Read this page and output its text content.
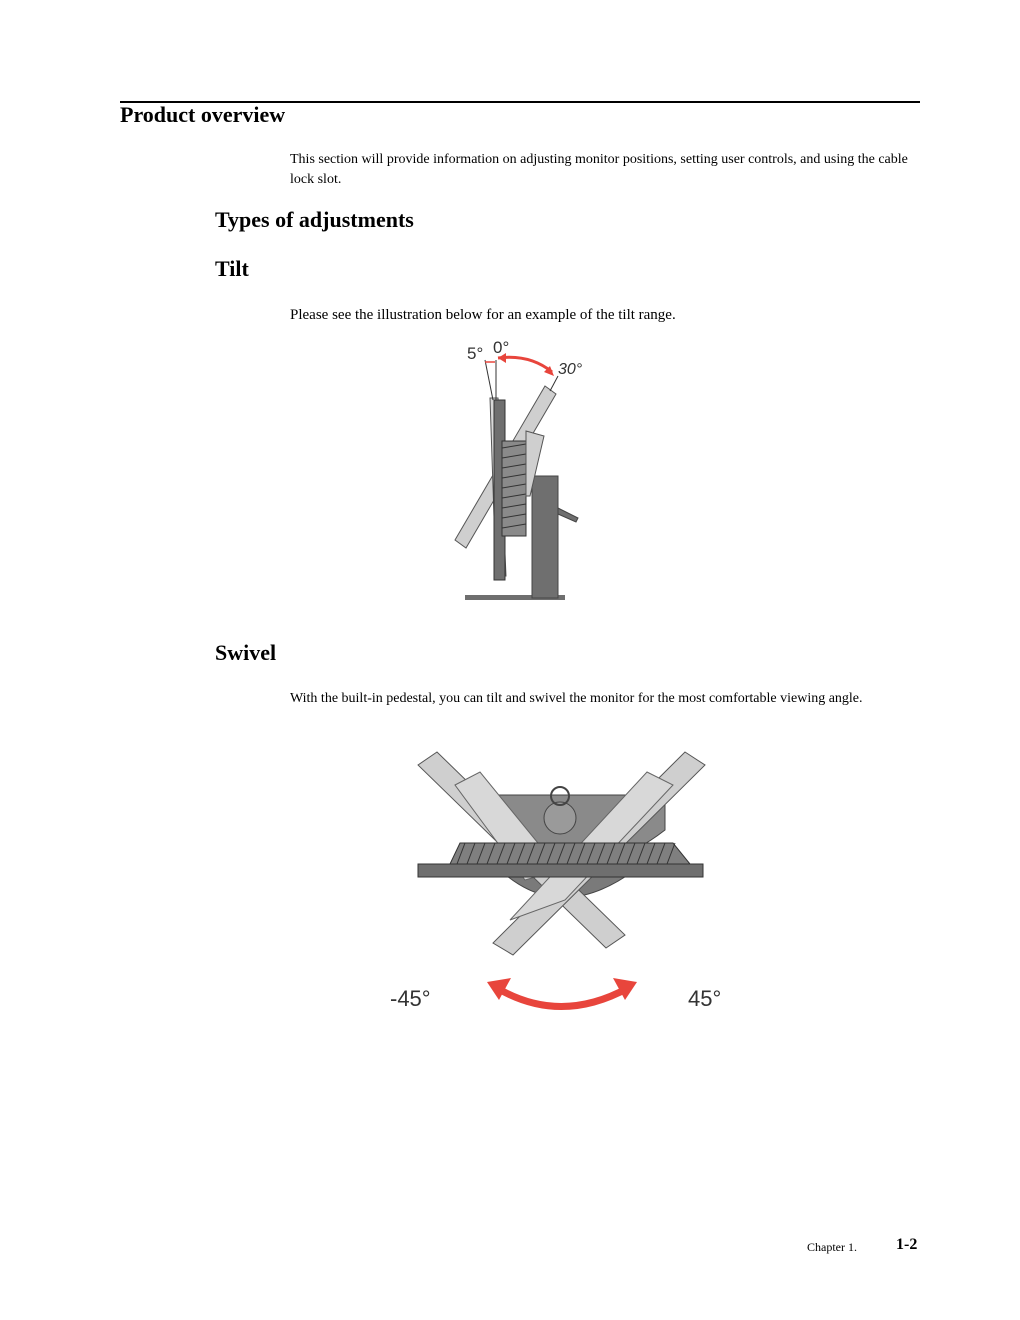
Product overview
This section will provide information on adjusting monitor positions, setting user controls, and using the cable lock slot.
Types of adjustments
Tilt
Please see the illustration below for an example of the tilt range.
5° 0°
30°
Swivel
With the built-in pedestal, you can tilt and swivel the monitor for the most comfortable viewing angle.
-45°	45°
Chapter 1. 1-2
